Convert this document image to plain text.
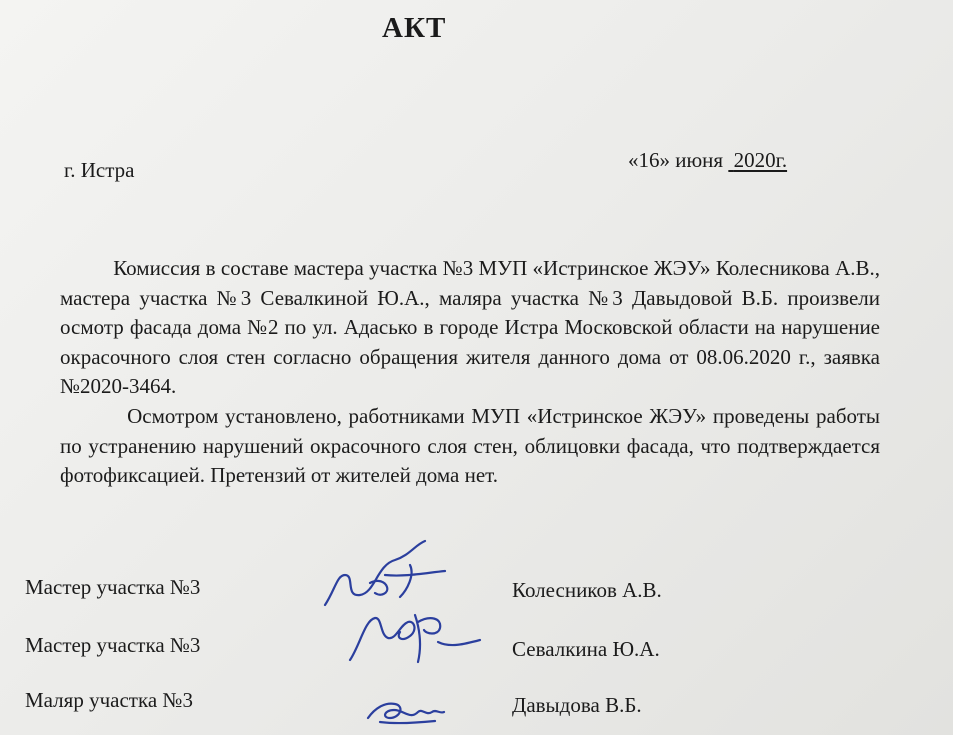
АКТ
г. Истра	«16» июня 2020г.

Комиссия в составе мастера участка №3 МУП «Истринское ЖЭУ» Колесникова А.В., мастера участка №3 Севалкиной Ю.А., маляра участка №3 Давыдовой В.Б. произвели осмотр фасада дома №2 по ул. Адасько в городе Истра Московской области на нарушение окрасочного слоя стен согласно обращения жителя данного дома от 08.06.2020 г., заявка №2020-3464.

Осмотром установлено, работниками МУП «Истринское ЖЭУ» проведены работы по устранению нарушений окрасочного слоя стен, облицовки фасада, что подтверждается фотофиксацией. Претензий от жителей дома нет.

Мастер участка №3	Колесников А.В.
Мастер участка №3	Севалкина Ю.А.
Маляр участка №3	Давыдова В.Б.
